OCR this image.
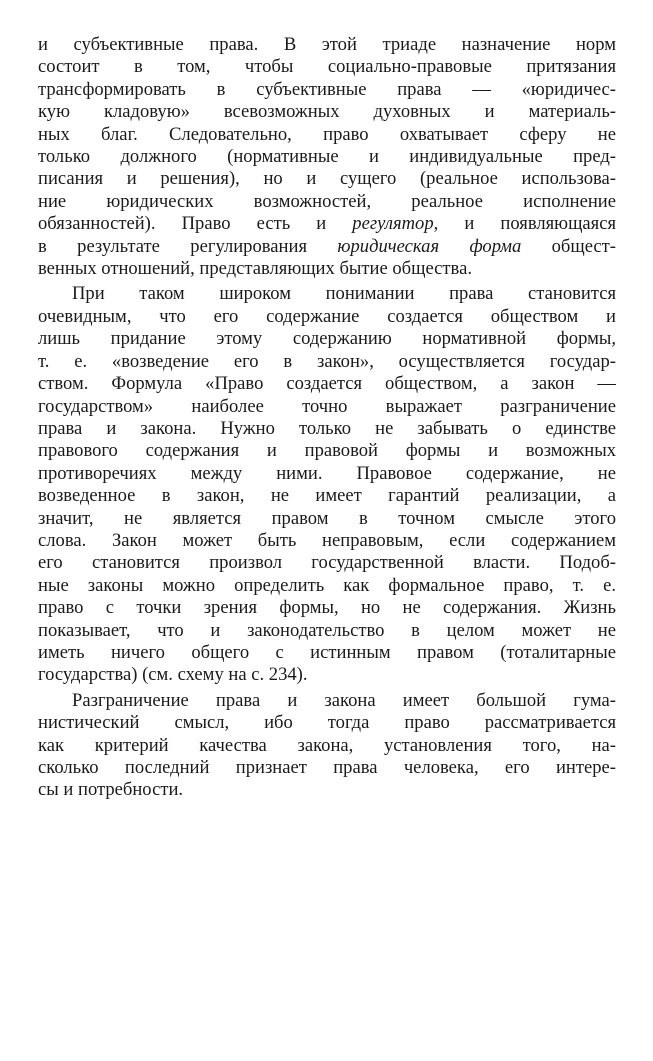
и субъективные права. В этой триаде назначение норм
состоит в том, чтобы социально-правовые притязания
трансформировать в субъективные права — «юридичес-
кую кладовую» всевозможных духовных и материаль-
ных благ. Следовательно, право охватывает сферу не
только должного (нормативные и индивидуальные пред-
писания и решения), но и сущего (реальное использова-
ние юридических возможностей, реальное исполнение
обязанностей). Право есть и регулятор, и появляющаяся
в результате регулирования юридическая форма общест-
венных отношений, представляющих бытие общества.
При таком широком понимании права становится
очевидным, что его содержание создается обществом и
лишь придание этому содержанию нормативной формы,
т. е. «возведение его в закон», осуществляется государ-
ством. Формула «Право создается обществом, а закон —
государством» наиболее точно выражает разграничение
права и закона. Нужно только не забывать о единстве
правового содержания и правовой формы и возможных
противоречиях между ними. Правовое содержание, не
возведенное в закон, не имеет гарантий реализации, а
значит, не является правом в точном смысле этого
слова. Закон может быть неправовым, если содержанием
его становится произвол государственной власти. Подоб-
ные законы можно определить как формальное право, т. е.
право с точки зрения формы, но не содержания. Жизнь
показывает, что и законодательство в целом может не
иметь ничего общего с истинным правом (тоталитарные
государства) (см. схему на с. 234).
Разграничение права и закона имеет большой гума-
нистический смысл, ибо тогда право рассматривается
как критерий качества закона, установления того, на-
сколько последний признает права человека, его интере-
сы и потребности.
